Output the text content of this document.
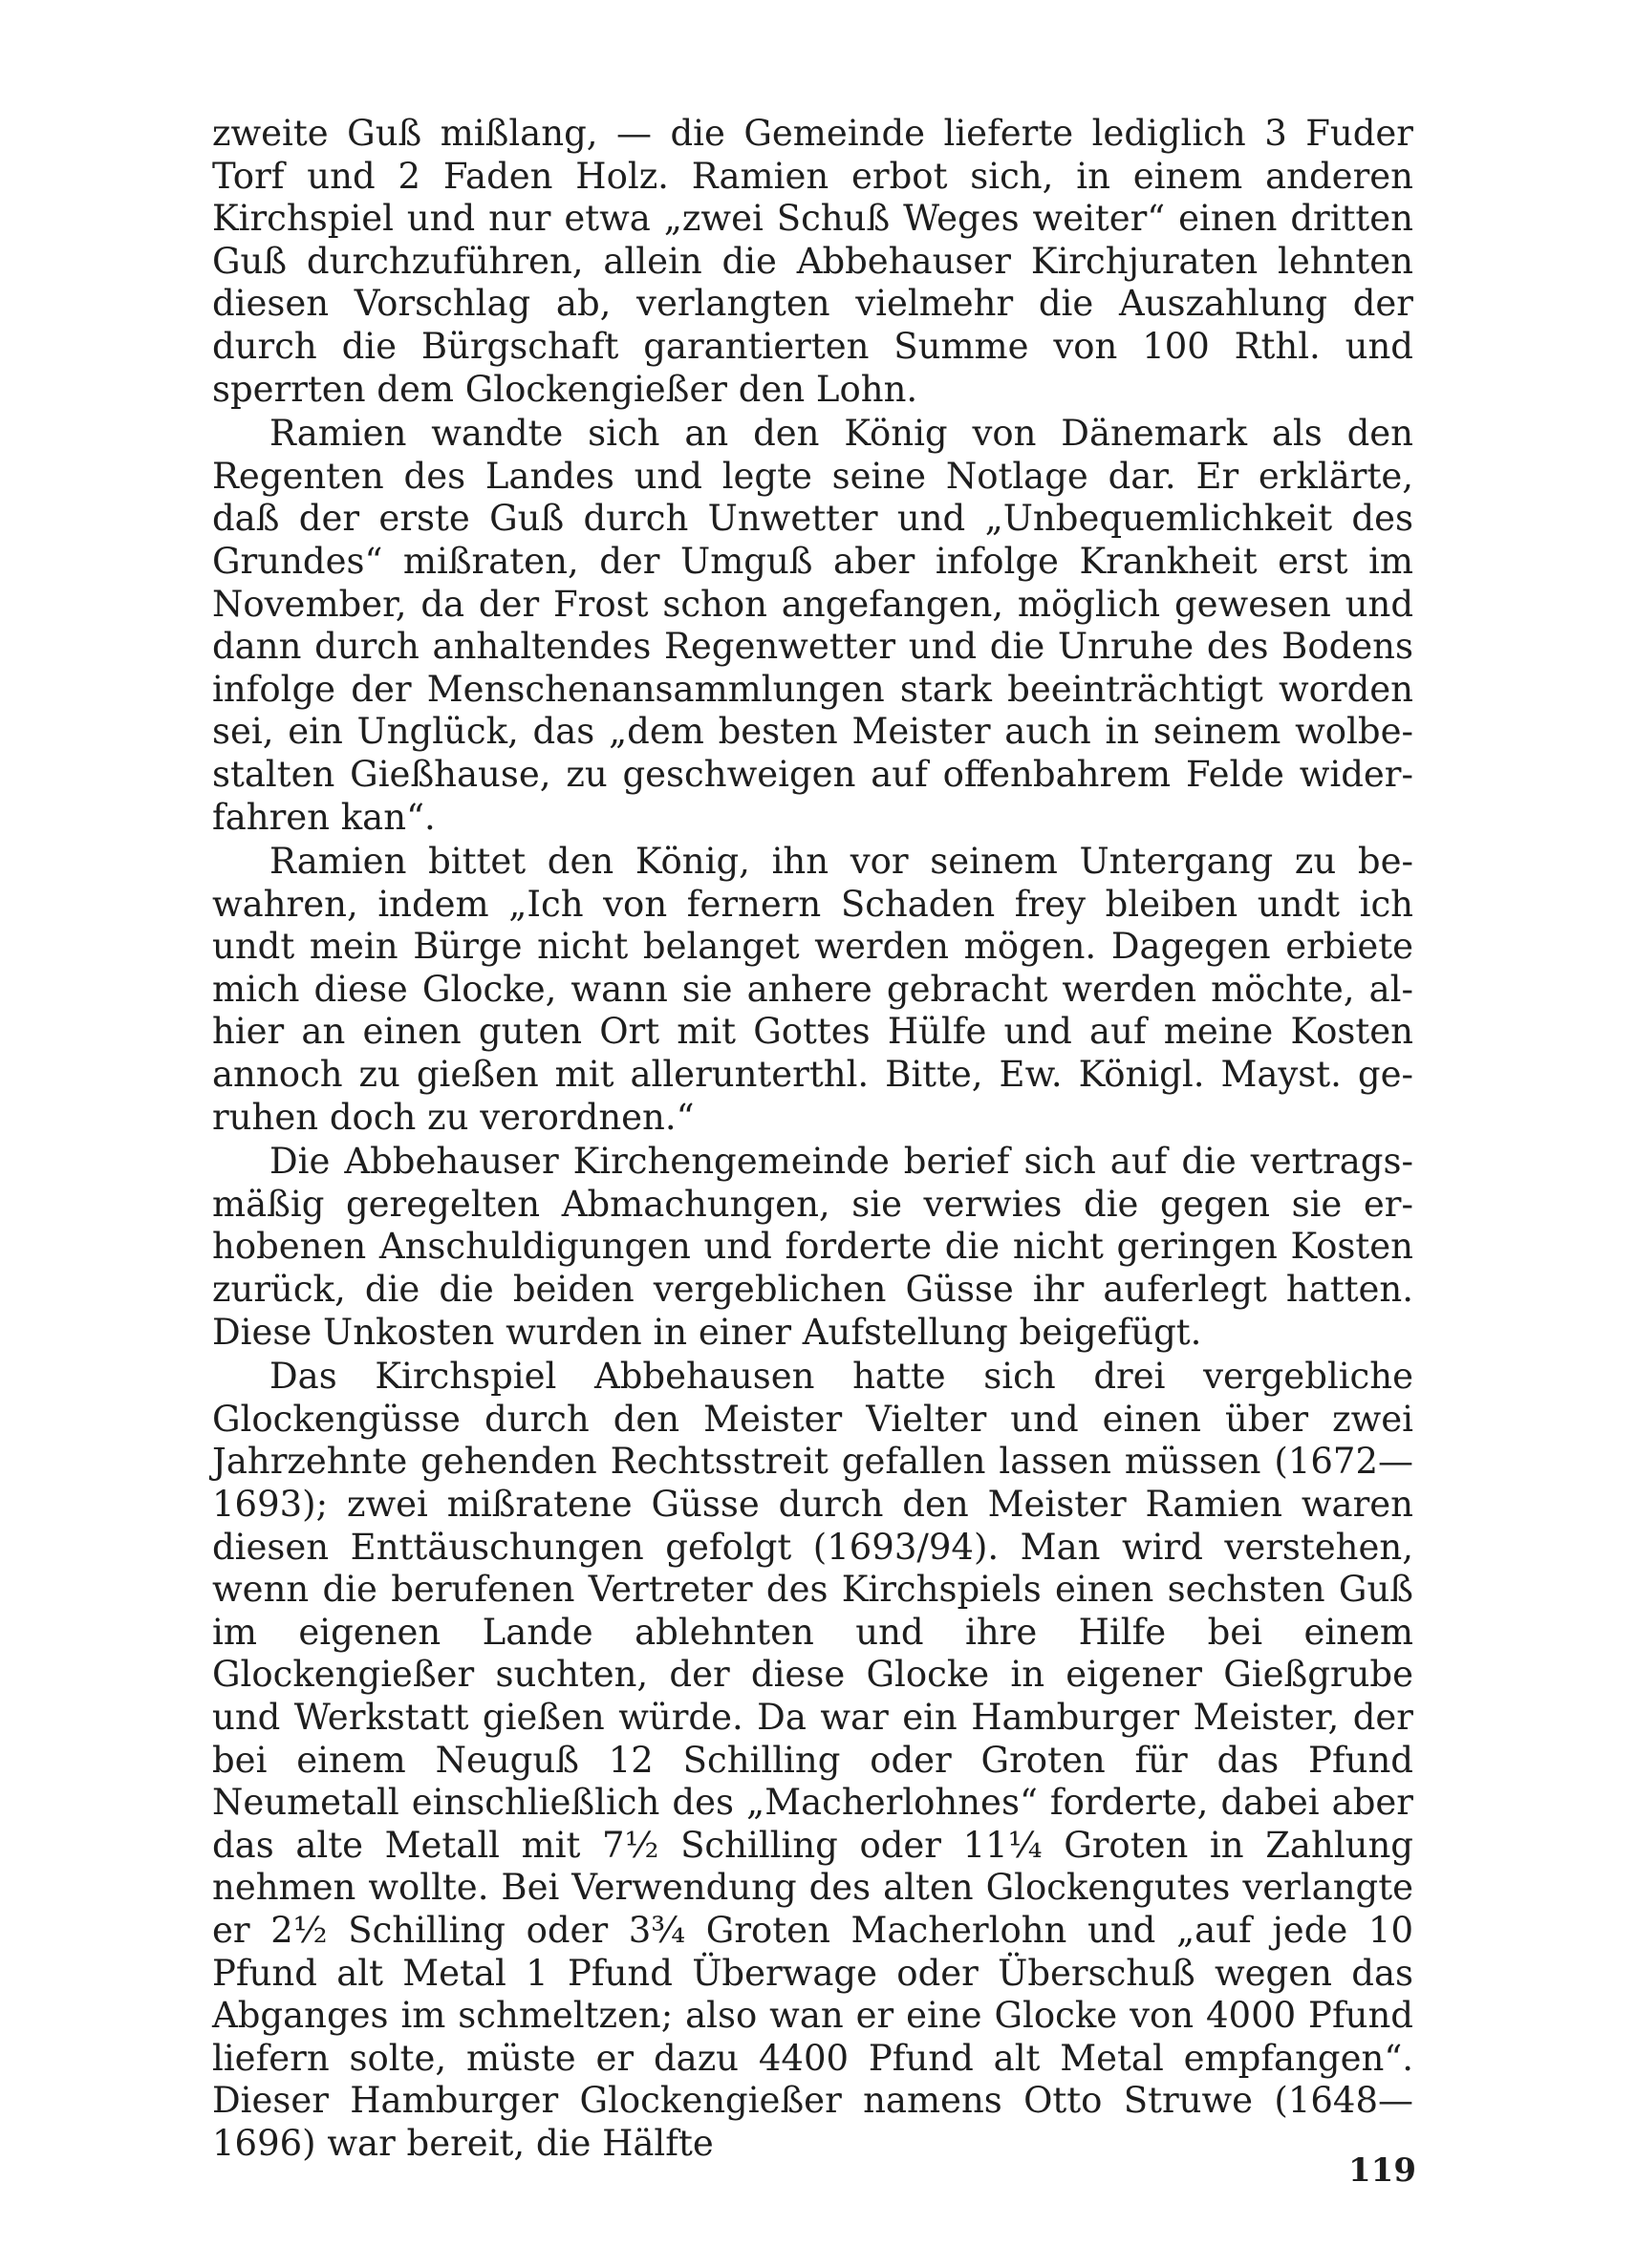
zweite Guß mißlang, — die Gemeinde lieferte lediglich 3 Fuder Torf und 2 Faden Holz. Ramien erbot sich, in einem anderen Kirchspiel und nur etwa „zwei Schuß Weges weiter“ einen dritten Guß durchzuführen, allein die Abbehauser Kirchjuraten lehnten diesen Vorschlag ab, verlangten vielmehr die Auszahlung der durch die Bürgschaft garantierten Summe von 100 Rthl. und sperrten dem Glockengießer den Lohn.

Ramien wandte sich an den König von Dänemark als den Regenten des Landes und legte seine Notlage dar. Er erklärte, daß der erste Guß durch Unwetter und „Unbequemlichkeit des Grundes“ mißraten, der Umguß aber infolge Krankheit erst im November, da der Frost schon angefangen, möglich gewesen und dann durch anhaltendes Regenwetter und die Unruhe des Bodens infolge der Menschenansammlungen stark beeinträchtigt worden sei, ein Unglück, das „dem besten Meister auch in seinem wolbestalten Gießhause, zu geschweigen auf offenbahrem Felde widerfahren kan“.

Ramien bittet den König, ihn vor seinem Untergang zu bewahren, indem „Ich von fernern Schaden frey bleiben undt ich undt mein Bürge nicht belanget werden mögen. Dagegen erbiete mich diese Glocke, wann sie anhere gebracht werden möchte, alhier an einen guten Ort mit Gottes Hülfe und auf meine Kosten annoch zu gießen mit allerunterthl. Bitte, Ew. Königl. Mayst. geruhen doch zu verordnen.“

Die Abbehauser Kirchengemeinde berief sich auf die vertragsmäßig geregelten Abmachungen, sie verwies die gegen sie erhobenen Anschuldigungen und forderte die nicht geringen Kosten zurück, die die beiden vergeblichen Güsse ihr auferlegt hatten. Diese Unkosten wurden in einer Aufstellung beigefügt.

Das Kirchspiel Abbehausen hatte sich drei vergebliche Glockengüsse durch den Meister Vielter und einen über zwei Jahrzehnte gehenden Rechtsstreit gefallen lassen müssen (1672—1693); zwei mißratene Güsse durch den Meister Ramien waren diesen Enttäuschungen gefolgt (1693/94). Man wird verstehen, wenn die berufenen Vertreter des Kirchspiels einen sechsten Guß im eigenen Lande ablehnten und ihre Hilfe bei einem Glockengießer suchten, der diese Glocke in eigener Gießgrube und Werkstatt gießen würde. Da war ein Hamburger Meister, der bei einem Neuguß 12 Schilling oder Groten für das Pfund Neumetall einschließlich des „Macherlohnes“ forderte, dabei aber das alte Metall mit 7½ Schilling oder 11¼ Groten in Zahlung nehmen wollte. Bei Verwendung des alten Glockengutes verlangte er 2½ Schilling oder 3¾ Groten Macherlohn und „auf jede 10 Pfund alt Metal 1 Pfund Überwage oder Überschuß wegen das Abganges im schmeltzen; also wan er eine Glocke von 4000 Pfund liefern solte, müste er dazu 4400 Pfund alt Metal empfangen“. Dieser Hamburger Glockengießer namens Otto Struwe (1648—1696) war bereit, die Hälfte

119
